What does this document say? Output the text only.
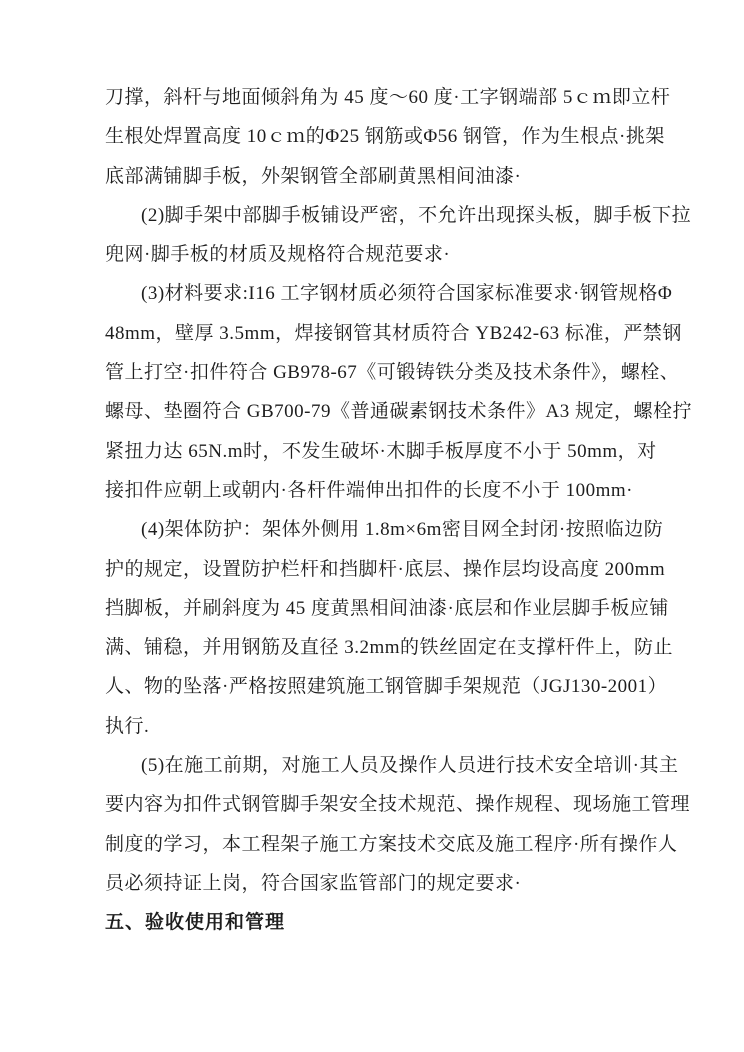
刀撑，斜杆与地面倾斜角为 45 度～60 度·工字钢端部 5ｃｍ即立杆
生根处焊置高度 10ｃｍ的Φ25 钢筋或Φ56 钢管，作为生根点·挑架
底部满铺脚手板，外架钢管全部刷黄黑相间油漆·
(2)脚手架中部脚手板铺设严密，不允许出现探头板，脚手板下拉
兜网·脚手板的材质及规格符合规范要求·
(3)材料要求:I16 工字钢材质必须符合国家标准要求·钢管规格Φ
48mm，壁厚 3.5mm，焊接钢管其材质符合 YB242-63 标准，严禁钢
管上打空·扣件符合 GB978-67《可锻铸铁分类及技术条件》，螺栓、
螺母、垫圈符合 GB700-79《普通碳素钢技术条件》A3 规定，螺栓拧
紧扭力达 65N.m时，不发生破坏·木脚手板厚度不小于 50mm，对
接扣件应朝上或朝内·各杆件端伸出扣件的长度不小于 100mm·
(4)架体防护：架体外侧用 1.8m×6m密目网全封闭·按照临边防
护的规定，设置防护栏杆和挡脚杆·底层、操作层均设高度 200mm
挡脚板，并刷斜度为 45 度黄黑相间油漆·底层和作业层脚手板应铺
满、铺稳，并用钢筋及直径 3.2mm的铁丝固定在支撑杆件上，防止
人、物的坠落·严格按照建筑施工钢管脚手架规范（JGJ130-2001）
执行.
(5)在施工前期，对施工人员及操作人员进行技术安全培训·其主
要内容为扣件式钢管脚手架安全技术规范、操作规程、现场施工管理
制度的学习，本工程架子施工方案技术交底及施工程序·所有操作人
员必须持证上岗，符合国家监管部门的规定要求·
五、验收使用和管理
